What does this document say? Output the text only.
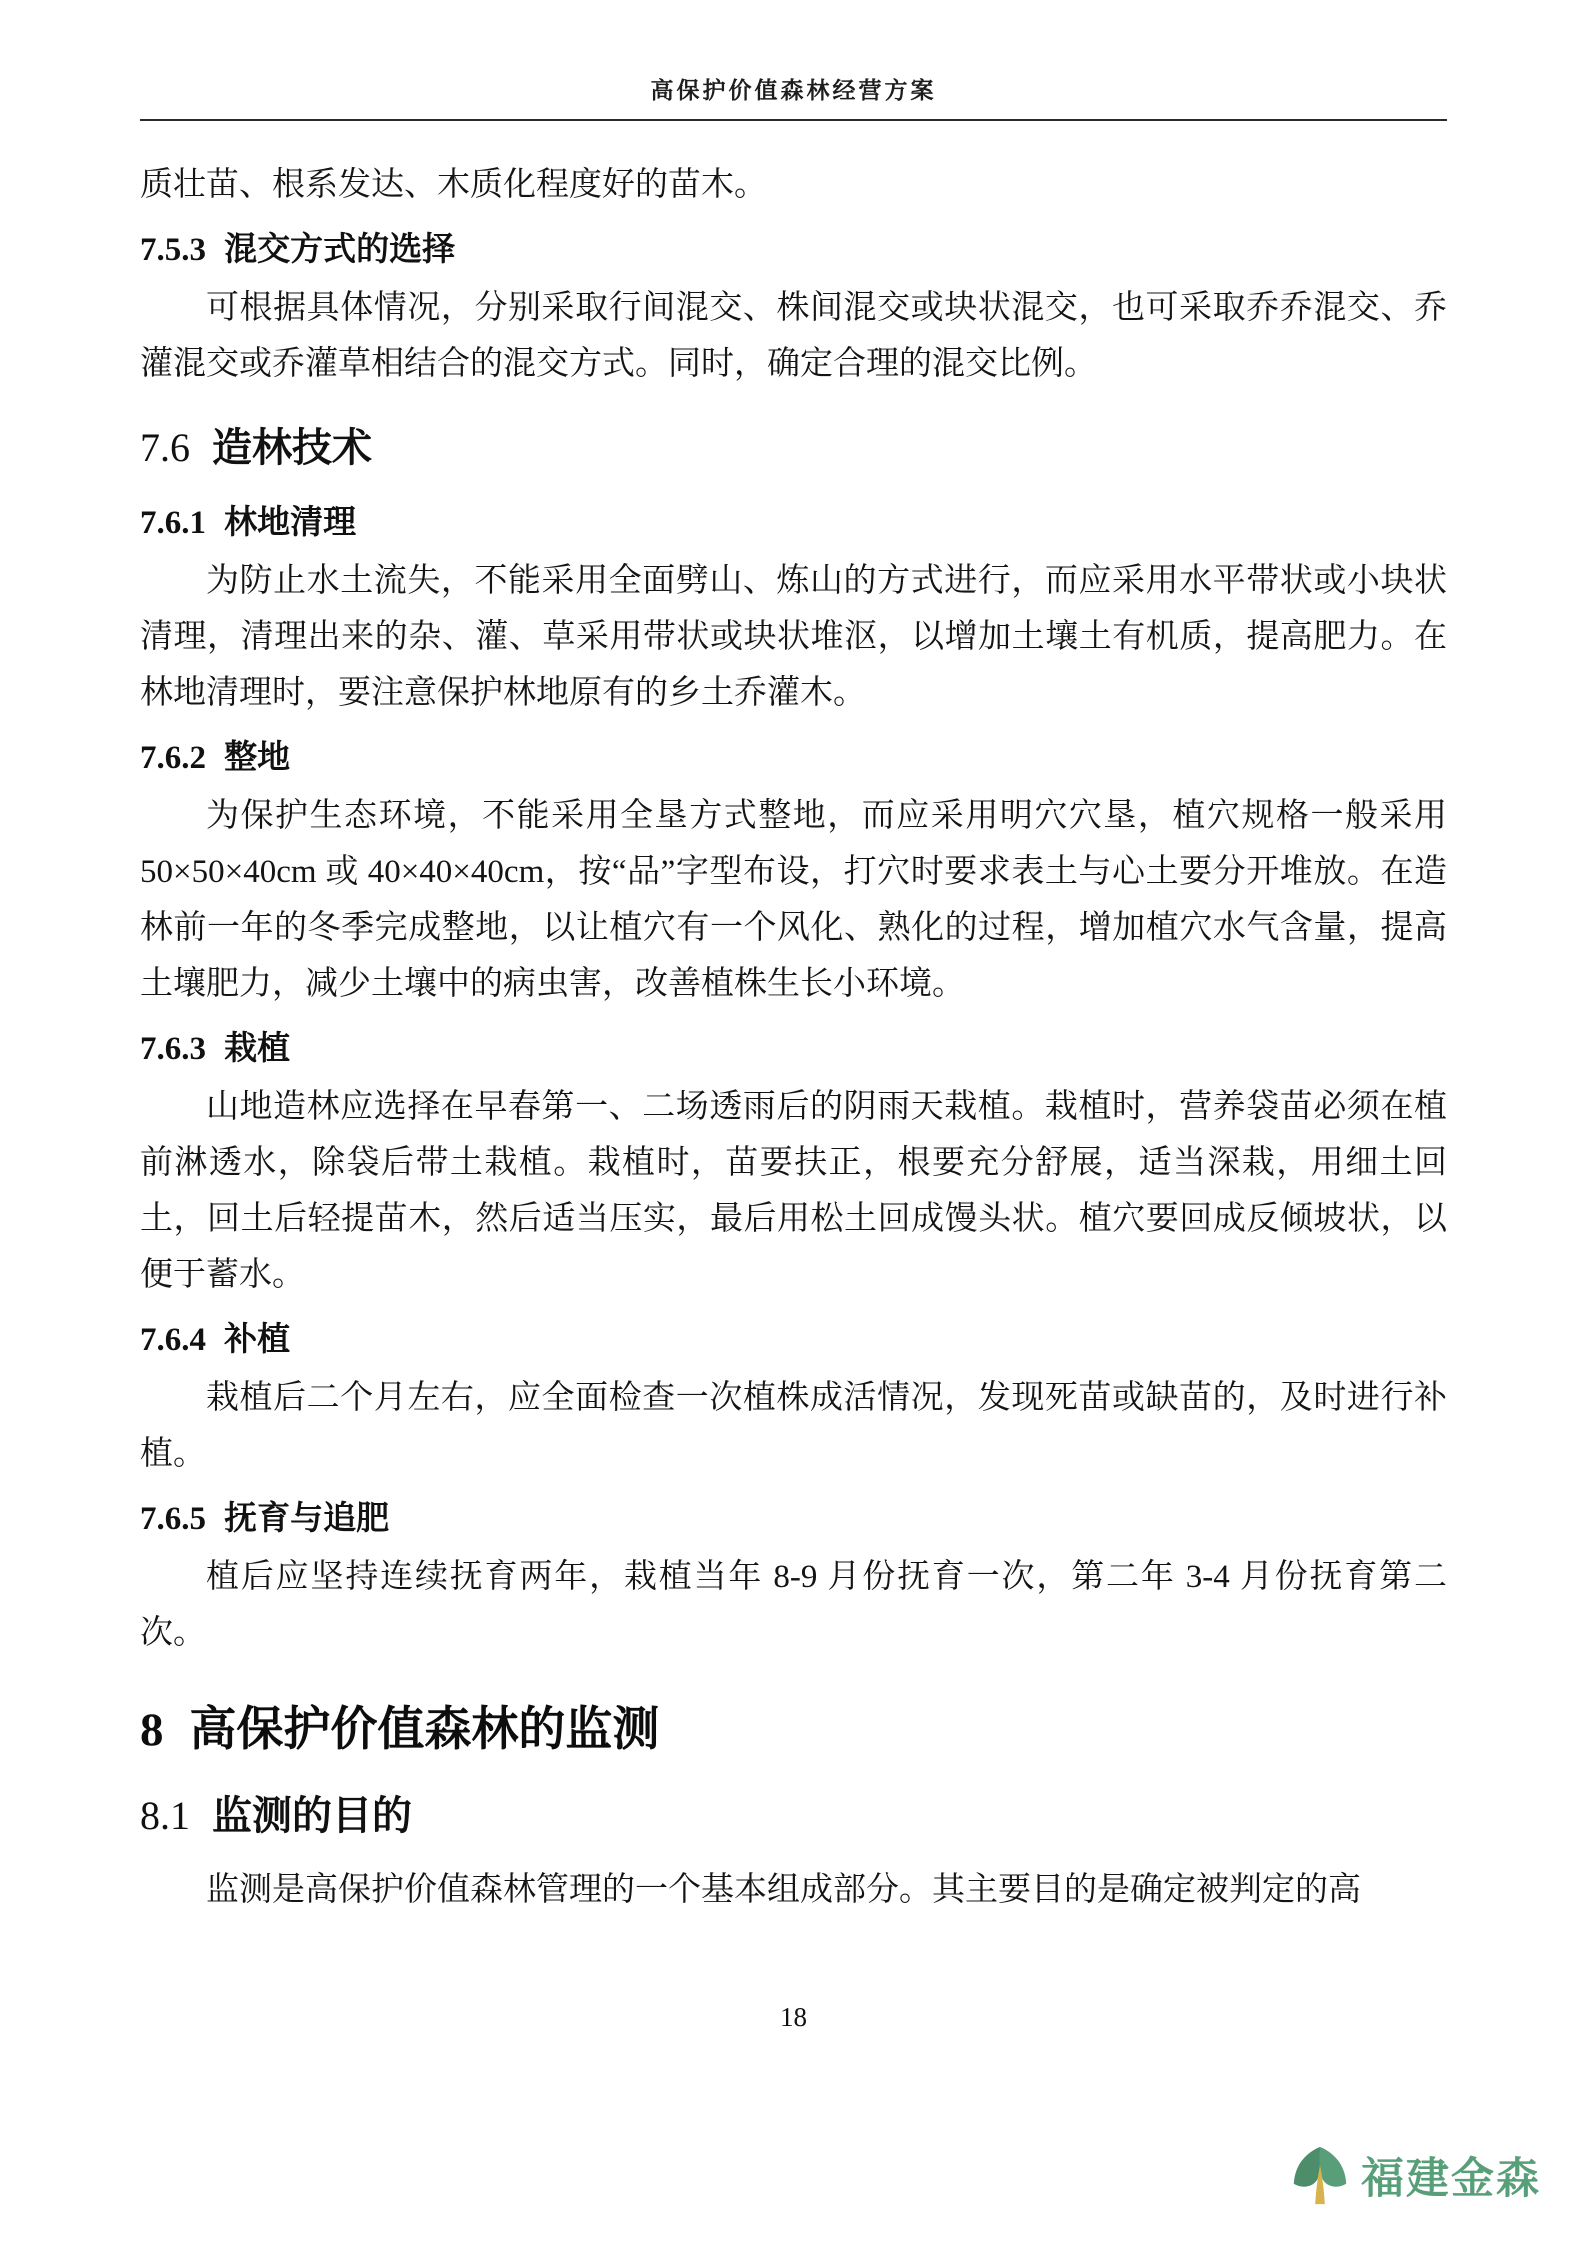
高保护价值森林经营方案

质壮苗、根系发达、木质化程度好的苗木。

7.5.3 混交方式的选择

可根据具体情况，分别采取行间混交、株间混交或块状混交，也可采取乔乔混交、乔灌混交或乔灌草相结合的混交方式。同时，确定合理的混交比例。

7.6 造林技术
7.6.1 林地清理

为防止水土流失，不能采用全面劈山、炼山的方式进行，而应采用水平带状或小块状清理，清理出来的杂、灌、草采用带状或块状堆沤，以增加土壤土有机质，提高肥力。在林地清理时，要注意保护林地原有的乡土乔灌木。

7.6.2 整地

为保护生态环境，不能采用全垦方式整地，而应采用明穴穴垦，植穴规格一般采用 50×50×40cm 或 40×40×40cm，按“品”字型布设，打穴时要求表土与心土要分开堆放。在造林前一年的冬季完成整地，以让植穴有一个风化、熟化的过程，增加植穴水气含量，提高土壤肥力，减少土壤中的病虫害，改善植株生长小环境。

7.6.3 栽植

山地造林应选择在早春第一、二场透雨后的阴雨天栽植。栽植时，营养袋苗必须在植前淋透水，除袋后带土栽植。栽植时，苗要扶正，根要充分舒展，适当深栽，用细土回土，回土后轻提苗木，然后适当压实，最后用松土回成馒头状。植穴要回成反倾坡状，以便于蓄水。

7.6.4 补植

栽植后二个月左右，应全面检查一次植株成活情况，发现死苗或缺苗的，及时进行补植。

7.6.5 抚育与追肥

植后应坚持连续抚育两年，栽植当年 8-9 月份抚育一次，第二年 3-4 月份抚育第二次。

8 高保护价值森林的监测
8.1 监测的目的

监测是高保护价值森林管理的一个基本组成部分。其主要目的是确定被判定的高

18
福建金森
